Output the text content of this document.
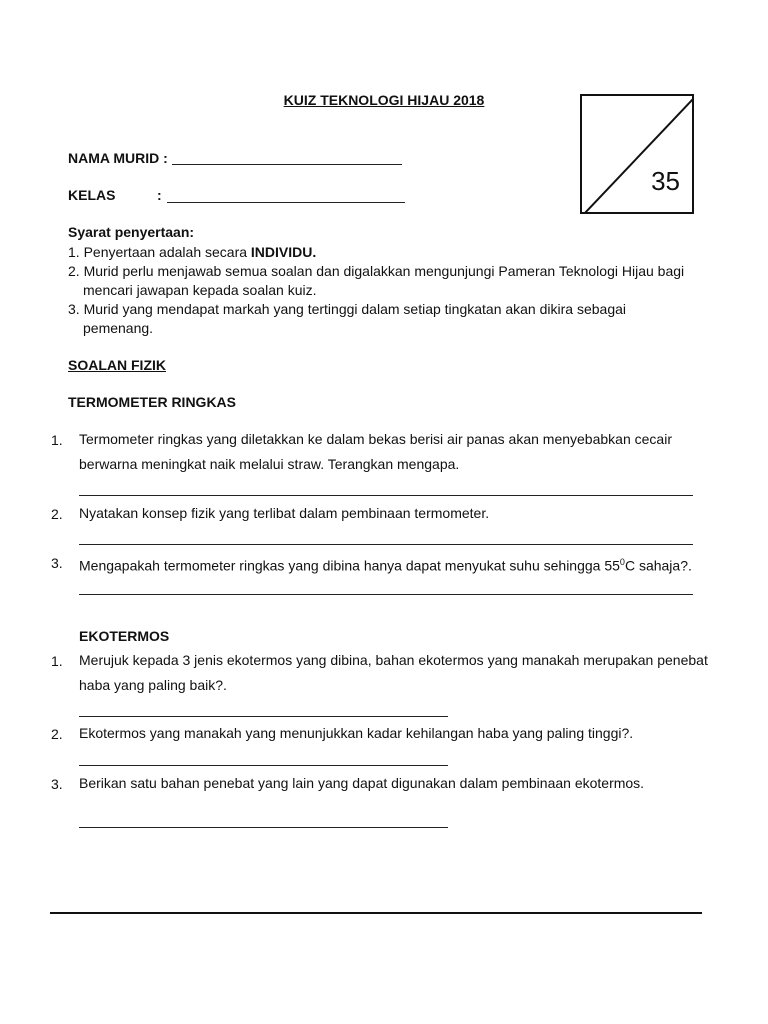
KUIZ TEKNOLOGI HIJAU 2018
35
NAMA MURID :
KELAS	:
Syarat penyertaan:
1. Penyertaan adalah secara INDIVIDU.
2. Murid perlu menjawab semua soalan dan digalakkan mengunjungi Pameran Teknologi Hijau bagi
mencari jawapan kepada soalan kuiz.
3. Murid yang mendapat markah yang tertinggi dalam setiap tingkatan akan dikira sebagai
pemenang.
SOALAN FIZIK
TERMOMETER RINGKAS
1. Termometer ringkas yang diletakkan ke dalam bekas berisi air panas akan menyebabkan cecair
berwarna meningkat naik melalui straw. Terangkan mengapa.
2. Nyatakan konsep fizik yang terlibat dalam pembinaan termometer.
3. Mengapakah termometer ringkas yang dibina hanya dapat menyukat suhu sehingga $55^0C$ sahaja?.
EKOTERMOS
1. Merujuk kepada 3 jenis ekotermos yang dibina, bahan ekotermos yang manakah merupakan penebat
haba yang paling baik?.
2. Ekotermos yang manakah yang menunjukkan kadar kehilangan haba yang paling tinggi?.
3. Berikan satu bahan penebat yang lain yang dapat digunakan dalam pembinaan ekotermos.
